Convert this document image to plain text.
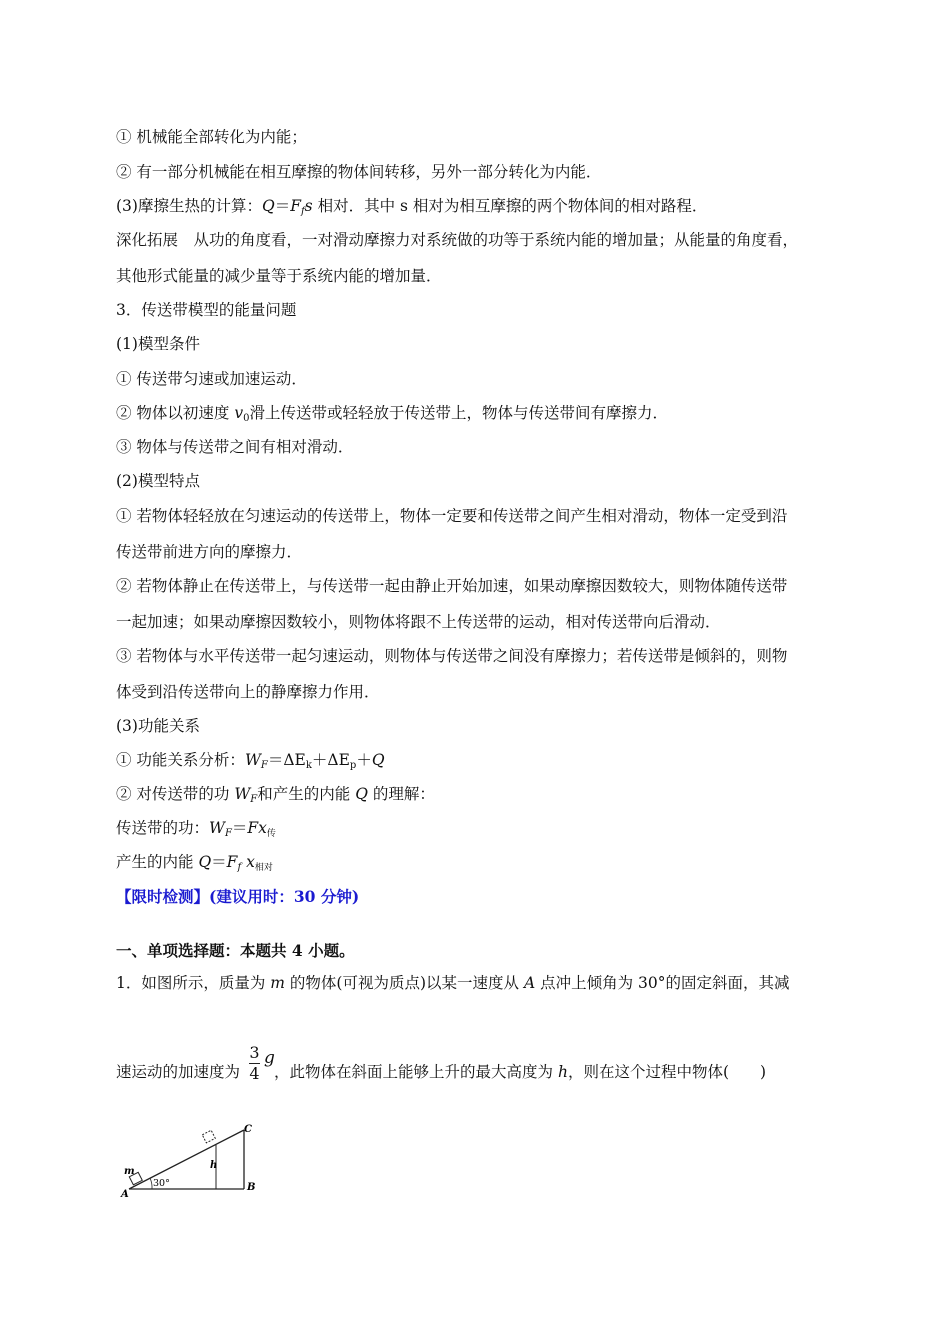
① 机械能全部转化为内能；
② 有一部分机械能在相互摩擦的物体间转移，另外一部分转化为内能．
(3)摩擦生热的计算：$Q=F_fs$ 相对．其中 s 相对为相互摩擦的两个物体间的相对路程．
深化拓展　从功的角度看，一对滑动摩擦力对系统做的功等于系统内能的增加量；从能量的角度看，
其他形式能量的减少量等于系统内能的增加量．
3．传送带模型的能量问题
(1)模型条件
① 传送带匀速或加速运动．
② 物体以初速度 $v_0$滑上传送带或轻轻放于传送带上，物体与传送带间有摩擦力．
③ 物体与传送带之间有相对滑动．
(2)模型特点
① 若物体轻轻放在匀速运动的传送带上，物体一定要和传送带之间产生相对滑动，物体一定受到沿
传送带前进方向的摩擦力．
② 若物体静止在传送带上，与传送带一起由静止开始加速，如果动摩擦因数较大，则物体随传送带
一起加速；如果动摩擦因数较小，则物体将跟不上传送带的运动，相对传送带向后滑动．
③ 若物体与水平传送带一起匀速运动，则物体与传送带之间没有摩擦力；若传送带是倾斜的，则物
体受到沿传送带向上的静摩擦力作用．
(3)功能关系
① 功能关系分析：$W_F=\Delta E_k+\Delta E_p+Q$
② 对传送带的功 $W_F$和产生的内能 Q 的理解：
传送带的功：$W_F=Fx$传
产生的内能 $Q=F_f$ x相对
【限时检测】(建议用时：30 分钟)
一、单项选择题：本题共 4 小题。
1．如图所示，质量为 m 的物体(可视为质点)以某一速度从 A 点冲上倾角为 30°的固定斜面，其减
3
4
g
速运动的加速度为 ，此物体在斜面上能够上升的最大高度为 h，则在这个过程中物体(　　)
m
A
B
C
h
30°
